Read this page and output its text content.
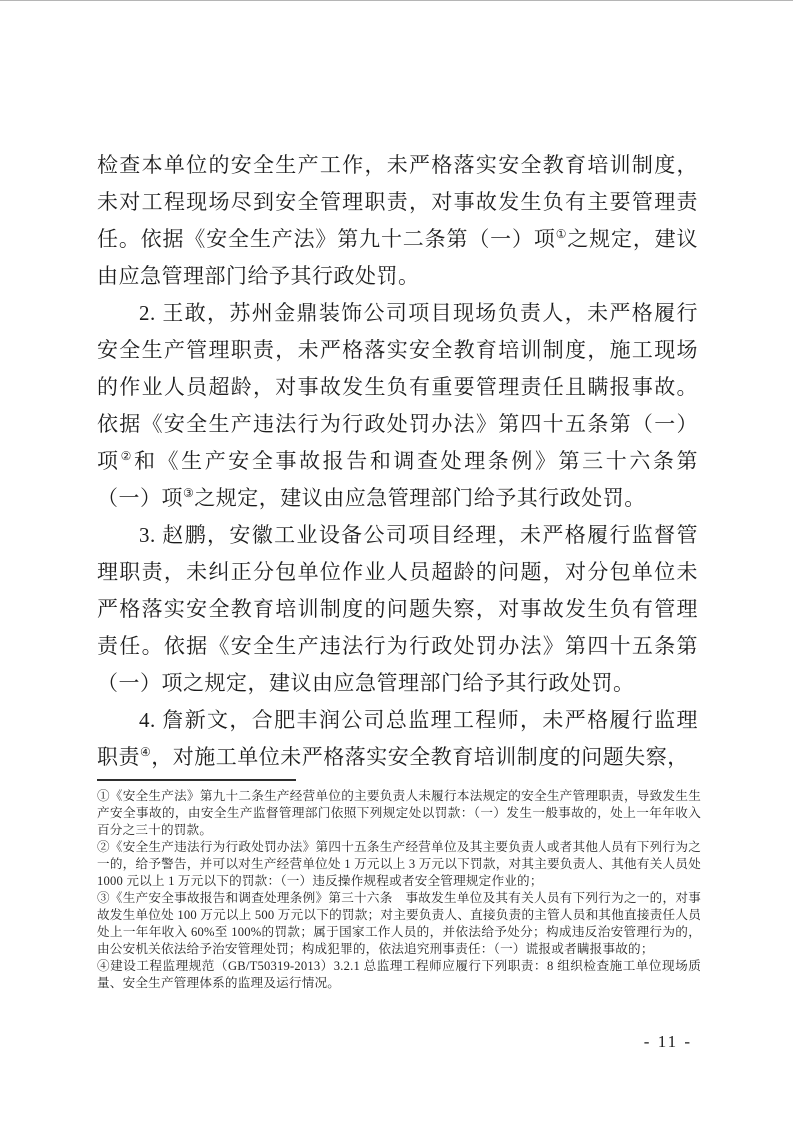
检查本单位的安全生产工作，未严格落实安全教育培训制度，未对工程现场尽到安全管理职责，对事故发生负有主要管理责任。依据《安全生产法》第九十二条第（一）项①之规定，建议由应急管理部门给予其行政处罚。

2. 王敢，苏州金鼎装饰公司项目现场负责人，未严格履行安全生产管理职责，未严格落实安全教育培训制度，施工现场的作业人员超龄，对事故发生负有重要管理责任且瞒报事故。依据《安全生产违法行为行政处罚办法》第四十五条第（一）项②和《生产安全事故报告和调查处理条例》第三十六条第（一）项③之规定，建议由应急管理部门给予其行政处罚。

3. 赵鹏，安徽工业设备公司项目经理，未严格履行监督管理职责，未纠正分包单位作业人员超龄的问题，对分包单位未严格落实安全教育培训制度的问题失察，对事故发生负有管理责任。依据《安全生产违法行为行政处罚办法》第四十五条第（一）项之规定，建议由应急管理部门给予其行政处罚。

4. 詹新文，合肥丰润公司总监理工程师，未严格履行监理职责④，对施工单位未严格落实安全教育培训制度的问题失察，

①《安全生产法》第九十二条生产经营单位的主要负责人未履行本法规定的安全生产管理职责，导致发生生产安全事故的，由安全生产监督管理部门依照下列规定处以罚款：（一）发生一般事故的，处上一年年收入百分之三十的罚款。

②《安全生产违法行为行政处罚办法》第四十五条生产经营单位及其主要负责人或者其他人员有下列行为之一的，给予警告，并可以对生产经营单位处 1 万元以上 3 万元以下罚款，对其主要负责人、其他有关人员处 1000 元以上 1 万元以下的罚款：（一）违反操作规程或者安全管理规定作业的；

③《生产安全事故报告和调查处理条例》第三十六条　事故发生单位及其有关人员有下列行为之一的，对事故发生单位处 100 万元以上 500 万元以下的罚款；对主要负责人、直接负责的主管人员和其他直接责任人员处上一年年收入 60%至 100%的罚款；属于国家工作人员的，并依法给予处分；构成违反治安管理行为的，由公安机关依法给予治安管理处罚；构成犯罪的，依法追究刑事责任：（一）谎报或者瞒报事故的；

④建设工程监理规范（GB/T50319-2013）3.2.1 总监理工程师应履行下列职责：8 组织检查施工单位现场质量、安全生产管理体系的监理及运行情况。

- 11 -
